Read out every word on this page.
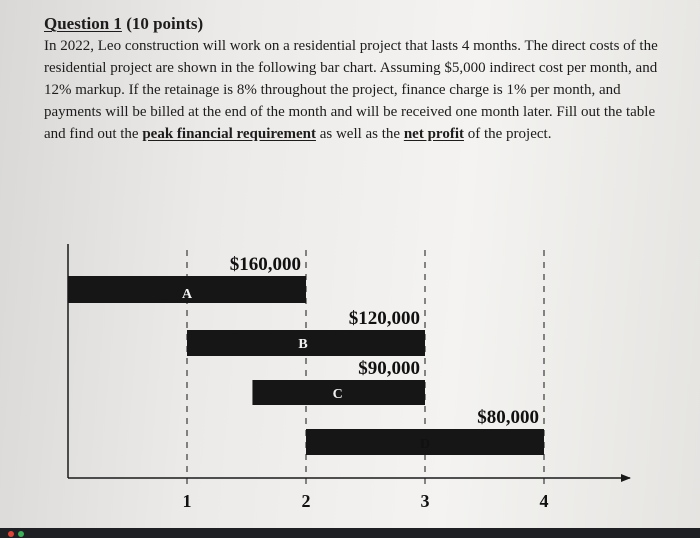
Question 1 (10 points)

In 2022, Leo construction will work on a residential project that lasts 4 months. The direct costs of the residential project are shown in the following bar chart. Assuming $5,000 indirect cost per month, and 12% markup. If the retainage is 8% throughout the project, finance charge is 1% per month, and payments will be billed at the end of the month and will be received one month later. Fill out the table and find out the peak financial requirement as well as the net profit of the project.

$160,000
A
$120,000
B
$90,000
C
$80,000
D
1	2	3	4
